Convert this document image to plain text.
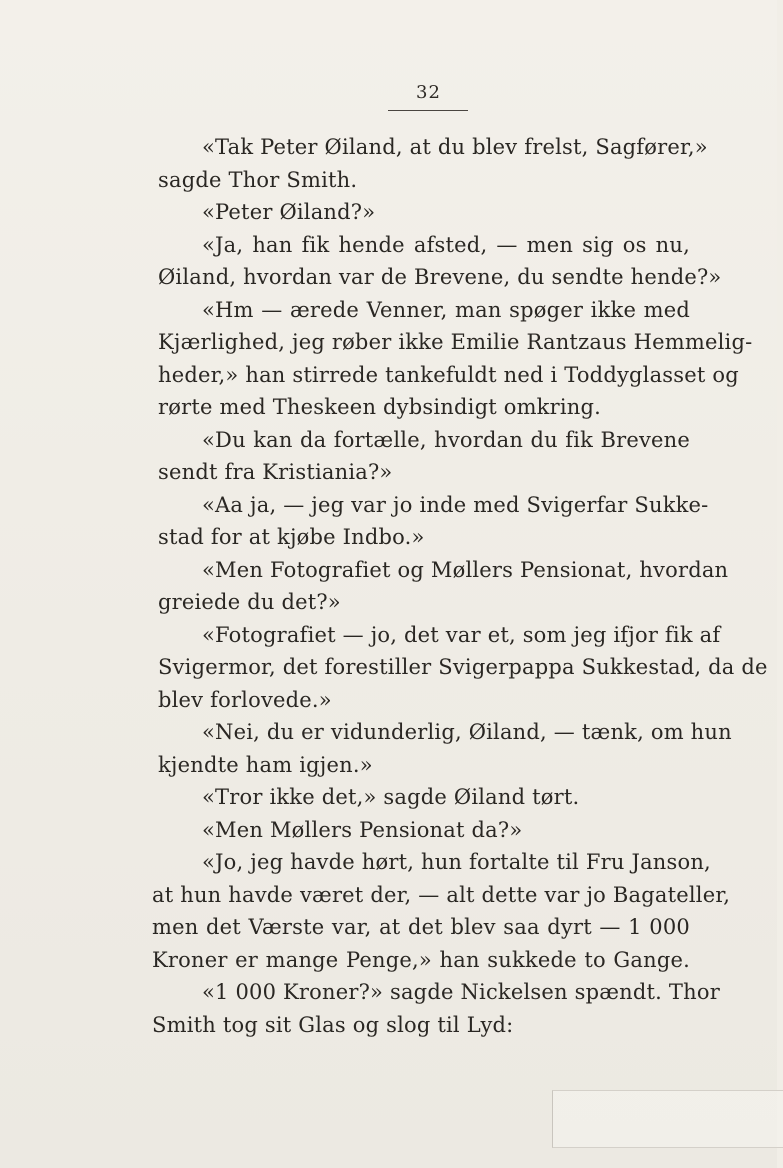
32
«Tak Peter Øiland, at du blev frelst, Sagfører,»
sagde Thor Smith.
«Peter Øiland?»
«Ja, han fik hende afsted, — men sig os nu,
Øiland, hvordan var de Brevene, du sendte hende?»
«Hm — ærede Venner, man spøger ikke med
Kjærlighed, jeg røber ikke Emilie Rantzaus Hemmelig-
heder,» han stirrede tankefuldt ned i Toddyglasset og
rørte med Theskeen dybsindigt omkring.
«Du kan da fortælle, hvordan du fik Brevene
sendt fra Kristiania?»
«Aa ja, — jeg var jo inde med Svigerfar Sukke-
stad for at kjøbe Indbo.»
«Men Fotografiet og Møllers Pensionat, hvordan
greiede du det?»
«Fotografiet — jo, det var et, som jeg ifjor fik af
Svigermor, det forestiller Svigerpappa Sukkestad, da de
blev forlovede.»
«Nei, du er vidunderlig, Øiland, — tænk, om hun
kjendte ham igjen.»
«Tror ikke det,» sagde Øiland tørt.
«Men Møllers Pensionat da?»
«Jo, jeg havde hørt, hun fortalte til Fru Janson,
at hun havde været der, — alt dette var jo Bagateller,
men det Værste var, at det blev saa dyrt — 1 000
Kroner er mange Penge,» han sukkede to Gange.
«1 000 Kroner?» sagde Nickelsen spændt. Thor
Smith tog sit Glas og slog til Lyd:
